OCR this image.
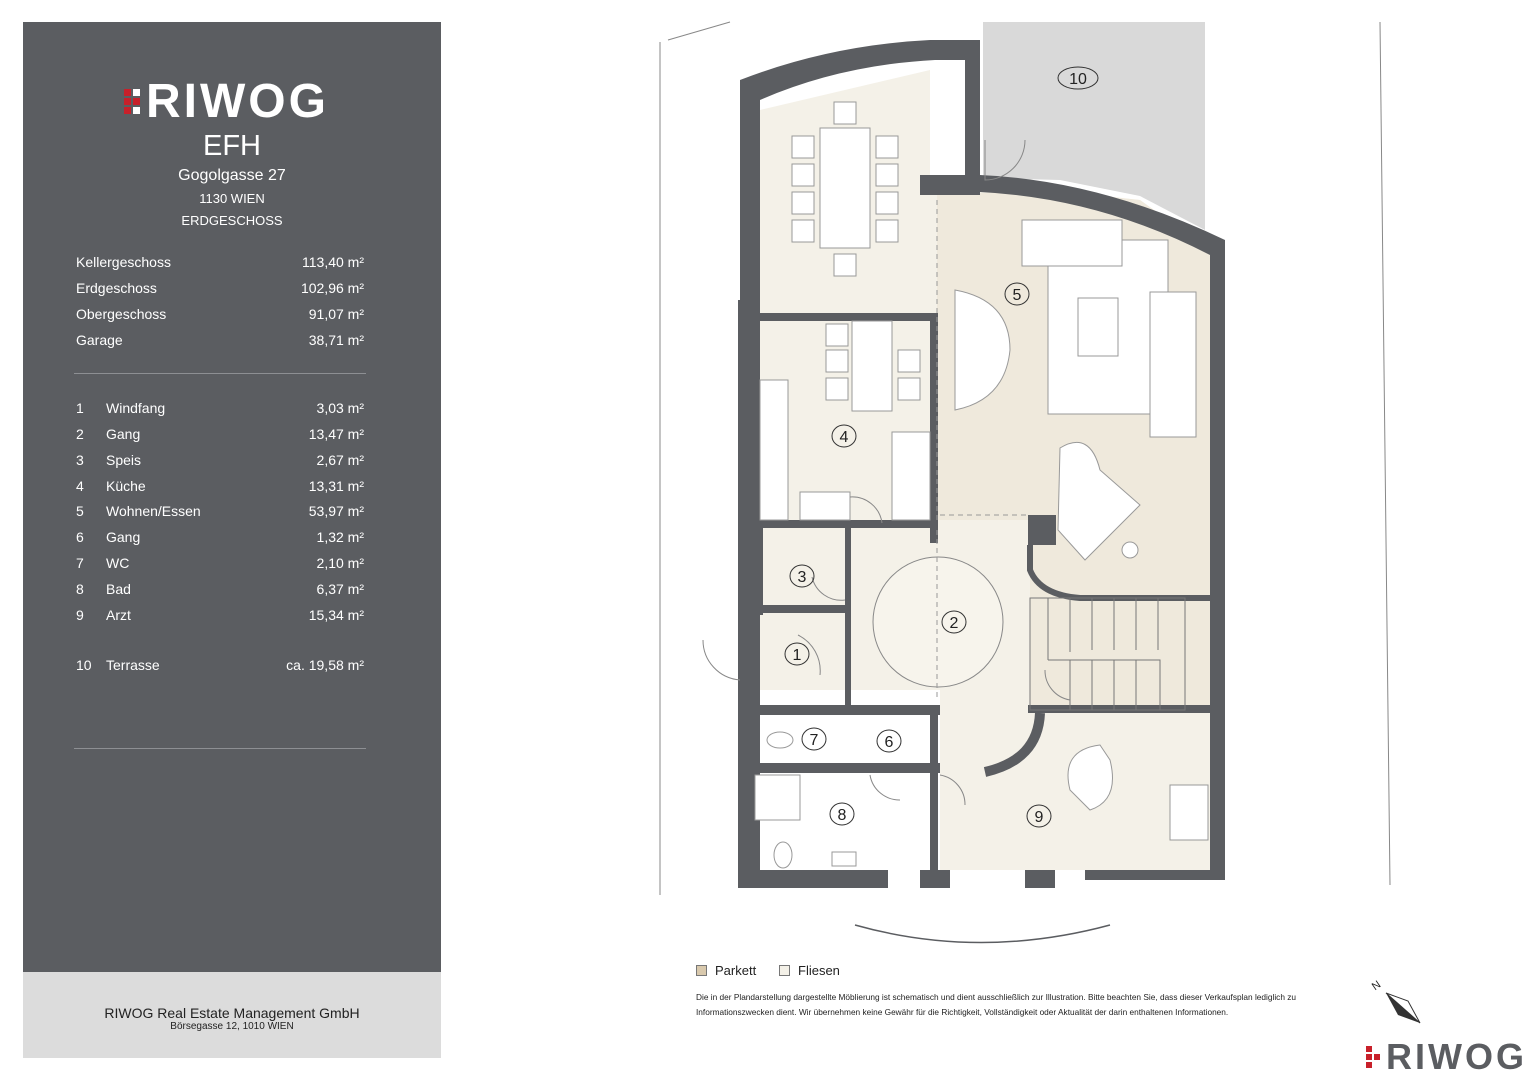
RIWOG
EFH
Gogolgasse 27
1130 WIEN
ERDGESCHOSS
Kellergeschoss	113,40 m²
Erdgeschoss	102,96 m²
Obergeschoss	91,07 m²
Garage	38,71 m²
1	Windfang	3,03 m²
2	Gang	13,47 m²
3	Speis	2,67 m²
4	Küche	13,31 m²
5	Wohnen/Essen	53,97 m²
6	Gang	1,32 m²
7	WC	2,10 m²
8	Bad	6,37 m²
9	Arzt	15,34 m²
10	Terrasse	ca. 19,58 m²
RIWOG Real Estate Management GmbH
Börsegasse 12, 1010 WIEN
10
5
4
3
2
1
7	6
8	9
Parkett	Fliesen
Die in der Plandarstellung dargestellte Möblierung ist schematisch und dient ausschließlich zur Illustration. Bitte beachten Sie, dass dieser Verkaufsplan lediglich zu Informationszwecken dient. Wir übernehmen keine Gewähr für die Richtigkeit, Vollständigkeit oder Aktualität der darin enthaltenen Informationen.
N
RIWOG
